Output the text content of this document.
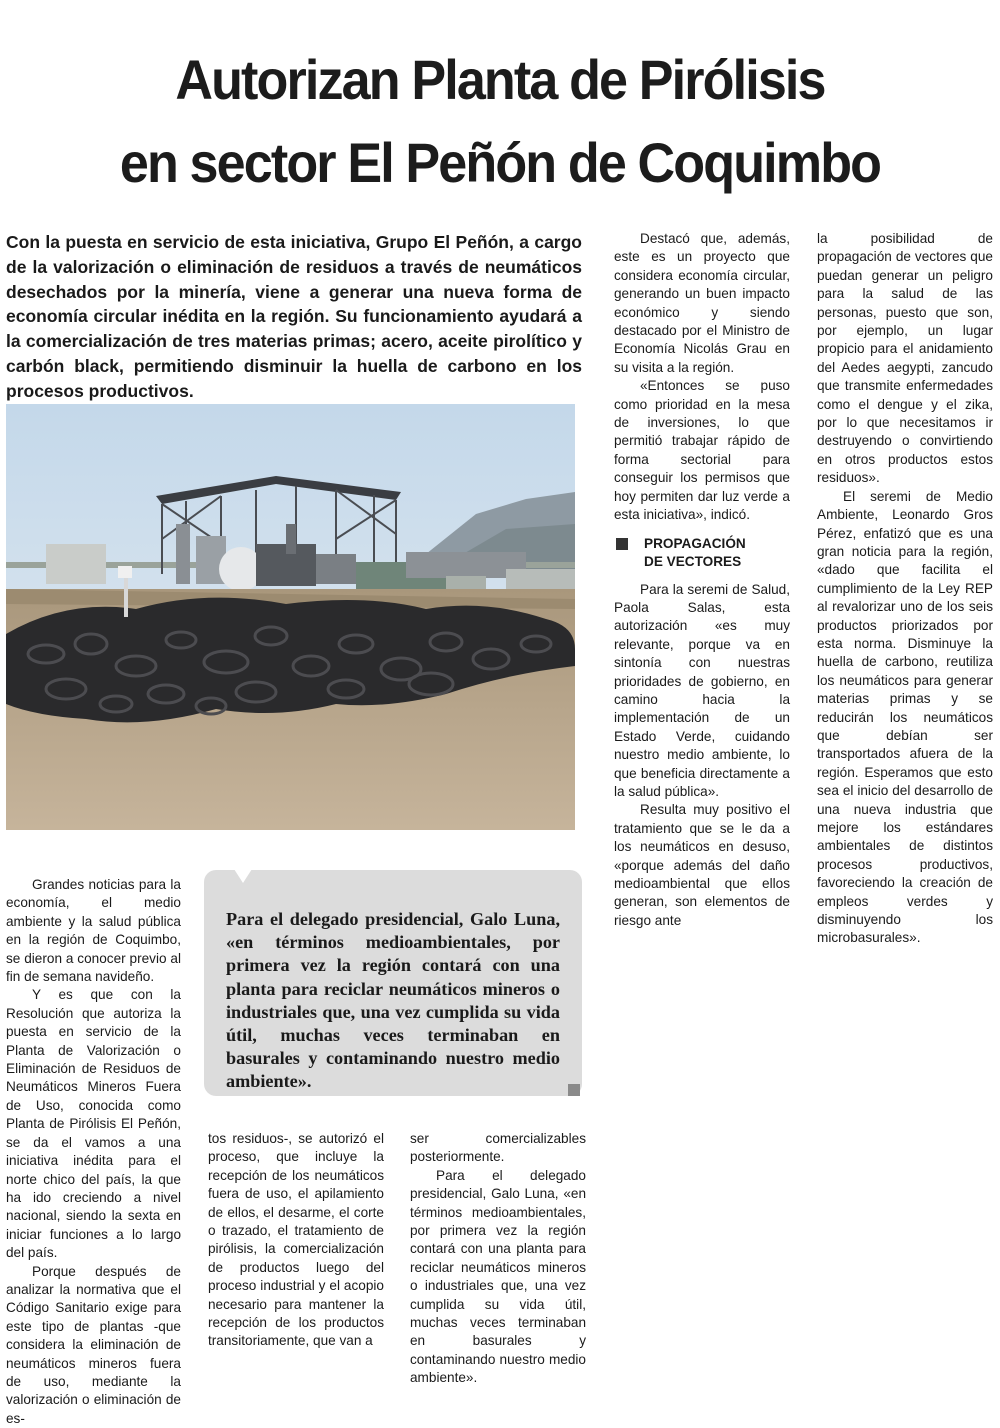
Autorizan Planta de Pirólisis
en sector El Peñón de Coquimbo

Con la puesta en servicio de esta iniciativa, Grupo El Peñón, a cargo de la valorización o eliminación de residuos a través de neumáticos desechados por la minería, viene a generar una nueva forma de economía circular inédita en la región. Su funcionamiento ayudará a la comercialización de tres materias primas; acero, aceite pirolítico y carbón black, permitiendo disminuir la huella de carbono en los procesos productivos.

Destacó que, además, este es un proyecto que considera economía circular, generando un buen impacto económico y siendo destacado por el Ministro de Economía Nicolás Grau en su visita a la región.

«Entonces se puso como prioridad en la mesa de inversiones, lo que permitió trabajar rápido de forma sectorial para conseguir los permisos que hoy permiten dar luz verde a esta iniciativa», indicó.

PROPAGACIÓN
DE VECTORES

Para la seremi de Salud, Paola Salas, esta autorización «es muy relevante, porque va en sintonía con nuestras prioridades de gobierno, en camino hacia la implementación de un Estado Verde, cuidando nuestro medio ambiente, lo que beneficia directamente a la salud pública».

Resulta muy positivo el tratamiento que se le da a los neumáticos en desuso, «porque además del daño medioambiental que ellos generan, son elementos de riesgo ante

la posibilidad de propagación de vectores que puedan generar un peligro para la salud de las personas, puesto que son, por ejemplo, un lugar propicio para el anidamiento del Aedes aegypti, zancudo que transmite enfermedades como el dengue y el zika, por lo que necesitamos ir destruyendo o convirtiendo en otros productos estos residuos».

El seremi de Medio Ambiente, Leonardo Gros Pérez, enfatizó que es una gran noticia para la región, «dado que facilita el cumplimiento de la Ley REP al revalorizar uno de los seis productos priorizados por esta norma. Disminuye la huella de carbono, reutiliza los neumáticos para generar materias primas y se reducirán los neumáticos que debían ser transportados afuera de la región. Esperamos que esto sea el inicio del desarrollo de una nueva industria que mejore los estándares ambientales de distintos procesos productivos, favoreciendo la creación de empleos verdes y disminuyendo los microbasurales».

Grandes noticias para la economía, el medio ambiente y la salud pública en la región de Coquimbo, se dieron a conocer previo al fin de semana navideño.

Y es que con la Resolución que autoriza la puesta en servicio de la Planta de Valorización o Eliminación de Residuos de Neumáticos Mineros Fuera de Uso, conocida como Planta de Pirólisis El Peñón, se da el vamos a una iniciativa inédita para el norte chico del país, la que ha ido creciendo a nivel nacional, siendo la sexta en iniciar funciones a lo largo del país.

Porque después de analizar la normativa que el Código Sanitario exige para este tipo de plantas -que considera la eliminación de neumáticos mineros fuera de uso, mediante la valorización o eliminación de es-

Para el delegado presidencial, Galo Luna, «en términos medioambientales, por primera vez la región contará con una planta para reciclar neumáticos mineros o industriales que, una vez cumplida su vida útil, muchas veces terminaban en basurales y contaminando nuestro medio ambiente».

tos residuos-, se autorizó el proceso, que incluye la recepción de los neumáticos fuera de uso, el apilamiento de ellos, el desarme, el corte o trazado, el tratamiento de pirólisis, la comercialización de productos luego del proceso industrial y el acopio necesario para mantener la recepción de los productos transitoriamente, que van a

ser comercializables posteriormente.

Para el delegado presidencial, Galo Luna, «en términos medioambientales, por primera vez la región contará con una planta para reciclar neumáticos mineros o industriales que, una vez cumplida su vida útil, muchas veces terminaban en basurales y contaminando nuestro medio ambiente».
